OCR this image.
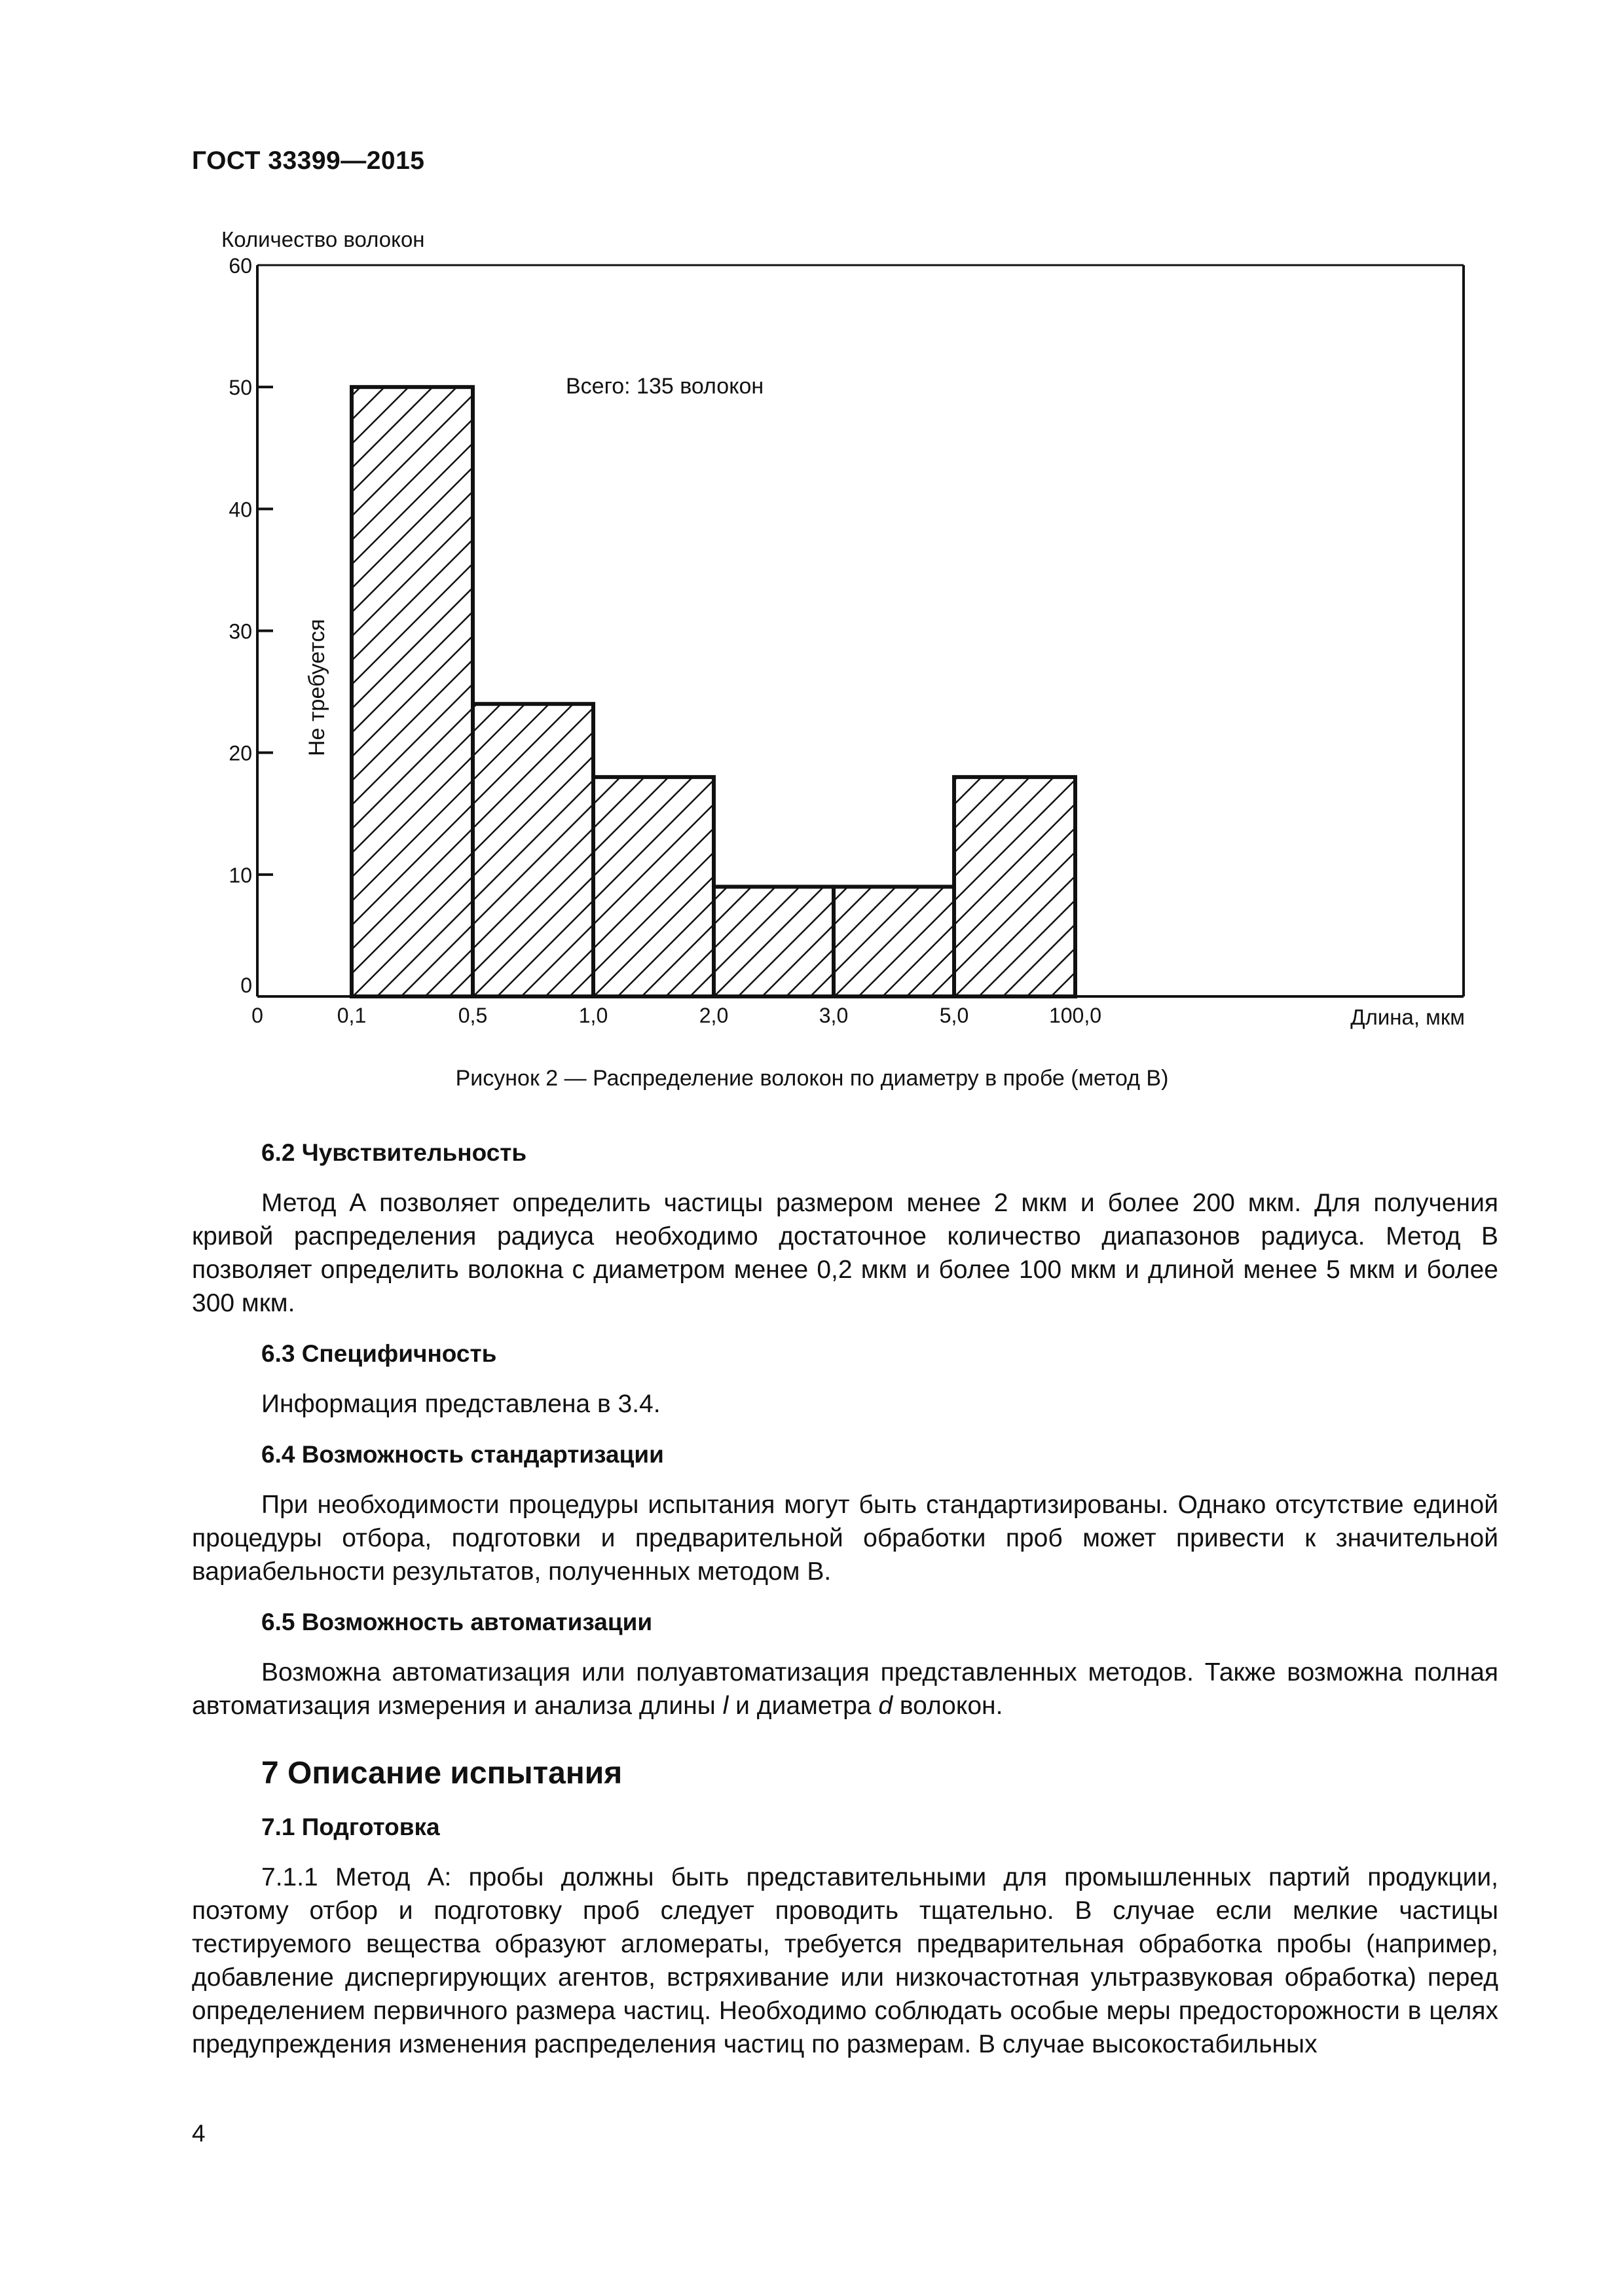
ГОСТ 33399—2015
Количество волокон
Длина, мкм
Всего: 135 волокон
Не требуется
0
10
20
30
40
50
60
0	0,1	0,5	1,0	2,0	3,0	5,0	100,0
Рисунок 2 — Распределение волокон по диаметру в пробе (метод В)
6.2 Чувствительность

Метод А позволяет определить частицы размером менее 2 мкм и более 200 мкм. Для получения кривой распределения радиуса необходимо достаточное количество диапазонов радиуса. Метод В позволяет определить волокна с диаметром менее 0,2 мкм и более 100 мкм и длиной менее 5 мкм и более 300 мкм.

6.3 Специфичность

Информация представлена в 3.4.

6.4 Возможность стандартизации

При необходимости процедуры испытания могут быть стандартизированы. Однако отсутствие единой процедуры отбора, подготовки и предварительной обработки проб может привести к значительной вариабельности результатов, полученных методом В.

6.5 Возможность автоматизации

Возможна автоматизация или полуавтоматизация представленных методов. Также возможна полная автоматизация измерения и анализа длины l и диаметра d волокон.

7 Описание испытания
7.1 Подготовка

7.1.1 Метод А: пробы должны быть представительными для промышленных партий продукции, поэтому отбор и подготовку проб следует проводить тщательно. В случае если мелкие частицы тестируемого вещества образуют агломераты, требуется предварительная обработка пробы (например, добавление диспергирующих агентов, встряхивание или низкочастотная ультразвуковая обработка) перед определением первичного размера частиц. Необходимо соблюдать особые меры предосторожности в целях предупреждения изменения распределения частиц по размерам. В случае высокостабильных

4
